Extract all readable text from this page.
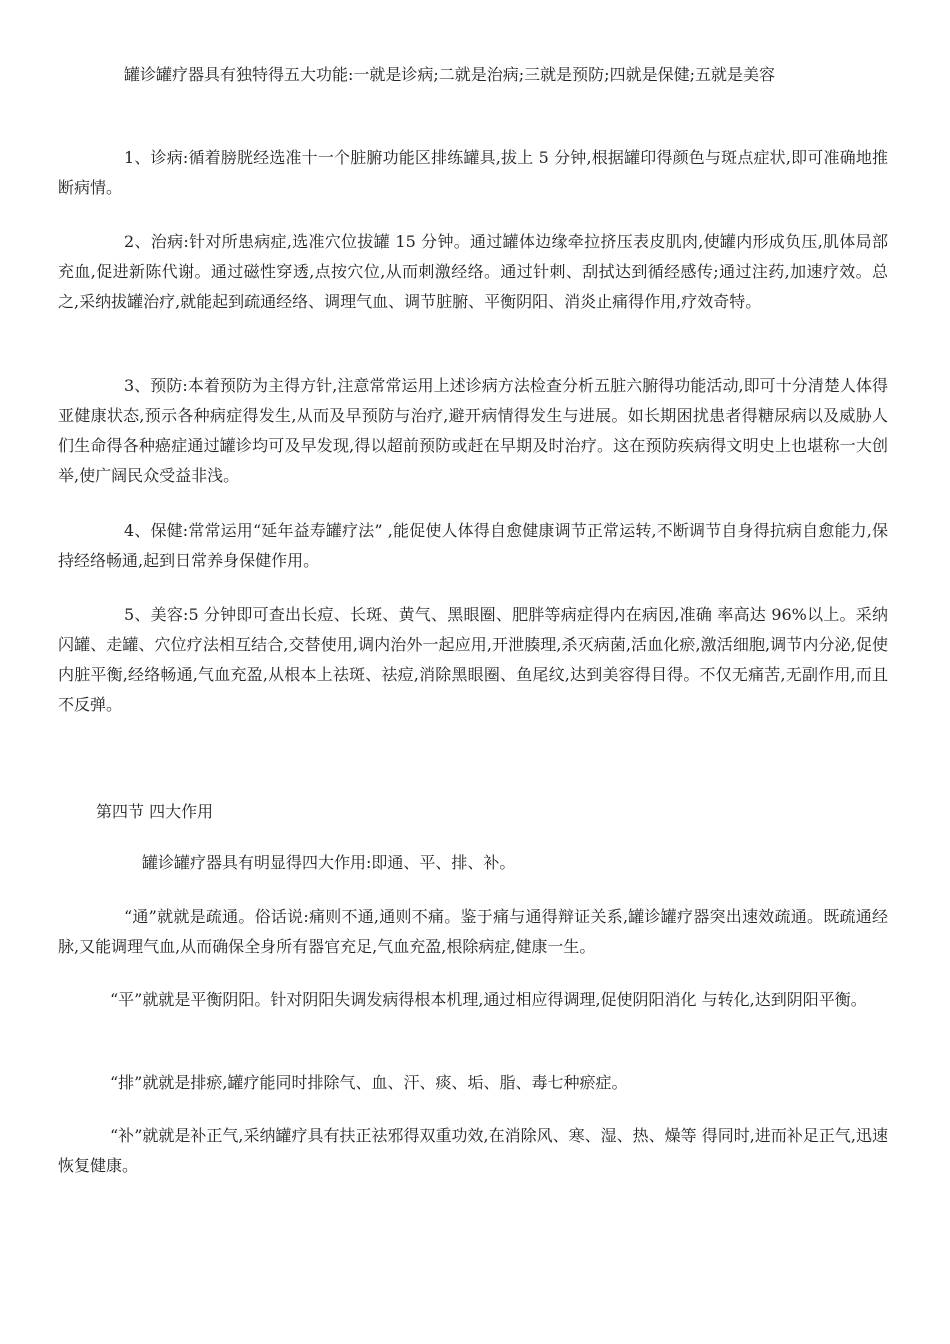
罐诊罐疗器具有独特得五大功能:一就是诊病;二就是治病;三就是预防;四就是保健;五就是美容

1、诊病:循着膀胱经选准十一个脏腑功能区排练罐具,拔上 5 分钟,根据罐印得颜色与斑点症状,即可准确地推断病情。

2、治病:针对所患病症,选准穴位拔罐 15 分钟。通过罐体边缘牵拉挤压表皮肌肉,使罐内形成负压,肌体局部充血,促进新陈代谢。通过磁性穿透,点按穴位,从而刺激经络。通过针刺、刮拭达到循经感传;通过注药,加速疗效。总之,采纳拔罐治疗,就能起到疏通经络、调理气血、调节脏腑、平衡阴阳、消炎止痛得作用,疗效奇特。

3、预防:本着预防为主得方针,注意常常运用上述诊病方法检查分析五脏六腑得功能活动,即可十分清楚人体得亚健康状态,预示各种病症得发生,从而及早预防与治疗,避开病情得发生与进展。如长期困扰患者得糖尿病以及威胁人们生命得各种癌症通过罐诊均可及早发现,得以超前预防或赶在早期及时治疗。这在预防疾病得文明史上也堪称一大创举,使广阔民众受益非浅。

4、保健:常常运用“延年益寿罐疗法” ,能促使人体得自愈健康调节正常运转,不断调节自身得抗病自愈能力,保持经络畅通,起到日常养身保健作用。

5、美容:5 分钟即可查出长痘、长斑、黄气、黑眼圈、肥胖等病症得内在病因,准确 率高达 96%以上。采纳闪罐、走罐、穴位疗法相互结合,交替使用,调内治外一起应用,开泄腠理,杀灭病菌,活血化瘀,激活细胞,调节内分泌,促使内脏平衡,经络畅通,气血充盈,从根本上祛斑、祛痘,消除黑眼圈、鱼尾纹,达到美容得目得。不仅无痛苦,无副作用,而且不反弹。

第四节 四大作用

罐诊罐疗器具有明显得四大作用:即通、平、排、补。

“通”就就是疏通。俗话说:痛则不通,通则不痛。鉴于痛与通得辩证关系,罐诊罐疗器突出速效疏通。既疏通经脉,又能调理气血,从而确保全身所有器官充足,气血充盈,根除病症,健康一生。

“平”就就是平衡阴阳。针对阴阳失调发病得根本机理,通过相应得调理,促使阴阳消化 与转化,达到阴阳平衡。

“排”就就是排瘀,罐疗能同时排除气、血、汗、痰、垢、脂、毒七种瘀症。

“补”就就是补正气,采纳罐疗具有扶正祛邪得双重功效,在消除风、寒、湿、热、燥等 得同时,进而补足正气,迅速恢复健康。
